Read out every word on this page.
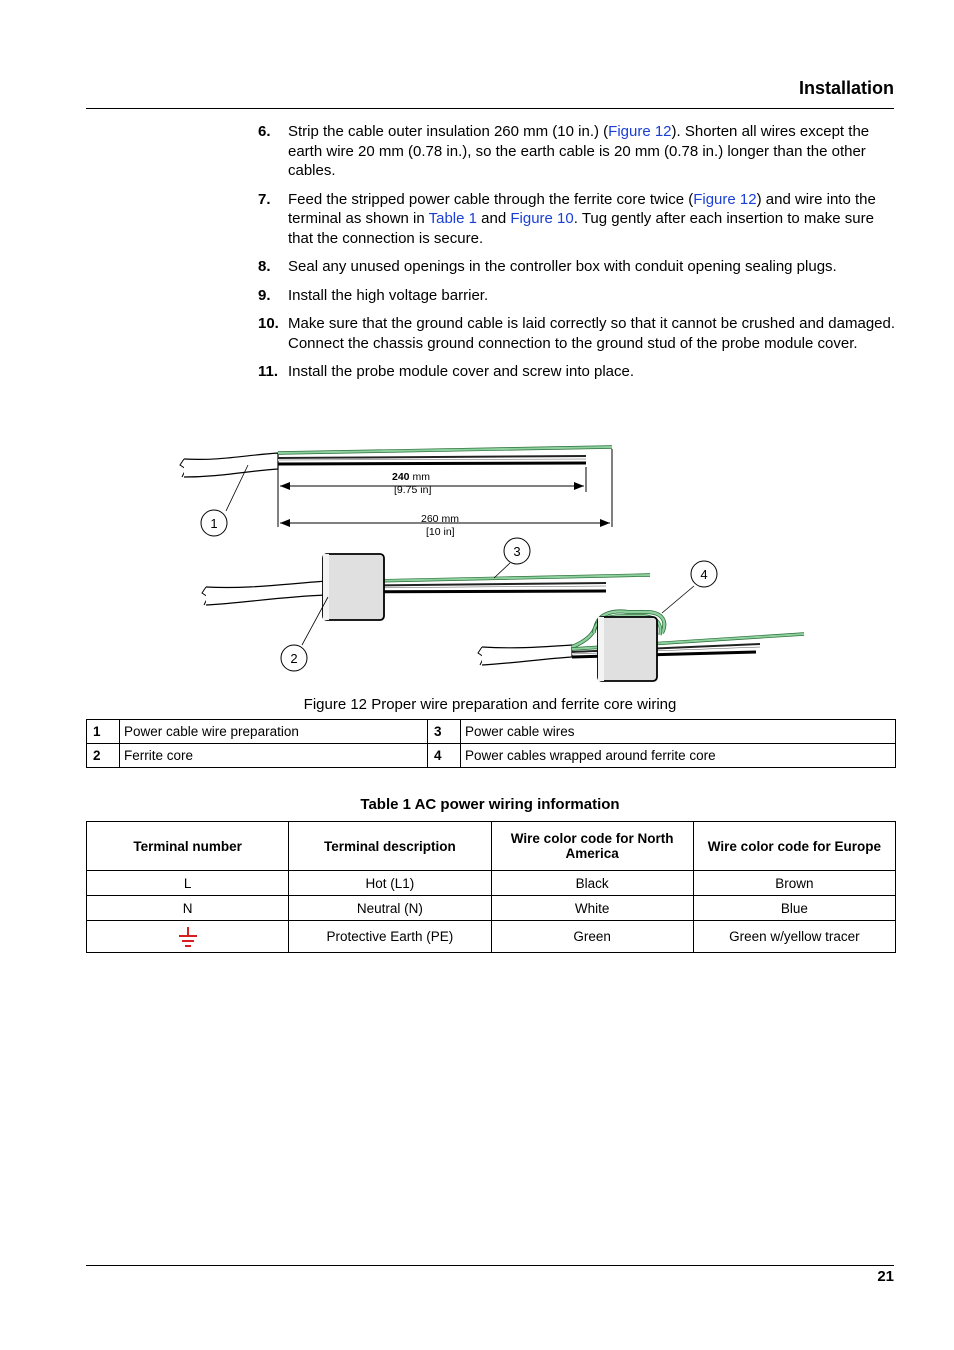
Installation
6. Strip the cable outer insulation 260 mm (10 in.) (Figure 12). Shorten all wires except the earth wire 20 mm (0.78 in.), so the earth cable is 20 mm (0.78 in.) longer than the other cables.
7. Feed the stripped power cable through the ferrite core twice (Figure 12) and wire into the terminal as shown in Table 1 and Figure 10. Tug gently after each insertion to make sure that the connection is secure.
8. Seal any unused openings in the controller box with conduit opening sealing plugs.
9. Install the high voltage barrier.
10. Make sure that the ground cable is laid correctly so that it cannot be crushed and damaged. Connect the chassis ground connection to the ground stud of the probe module cover.
11. Install the probe module cover and screw into place.
240 mm
[9.75 in]
260 mm
[10 in]
1
2
3
4
Figure 12 Proper wire preparation and ferrite core wiring
1	Power cable wire preparation	3	Power cable wires
2	Ferrite core	4	Power cables wrapped around ferrite core
Table 1 AC power wiring information
Terminal number	Terminal description	Wire color code for North America	Wire color code for Europe
L	Hot (L1)	Black	Brown
N	Neutral (N)	White	Blue
	Protective Earth (PE)	Green	Green w/yellow tracer
21
